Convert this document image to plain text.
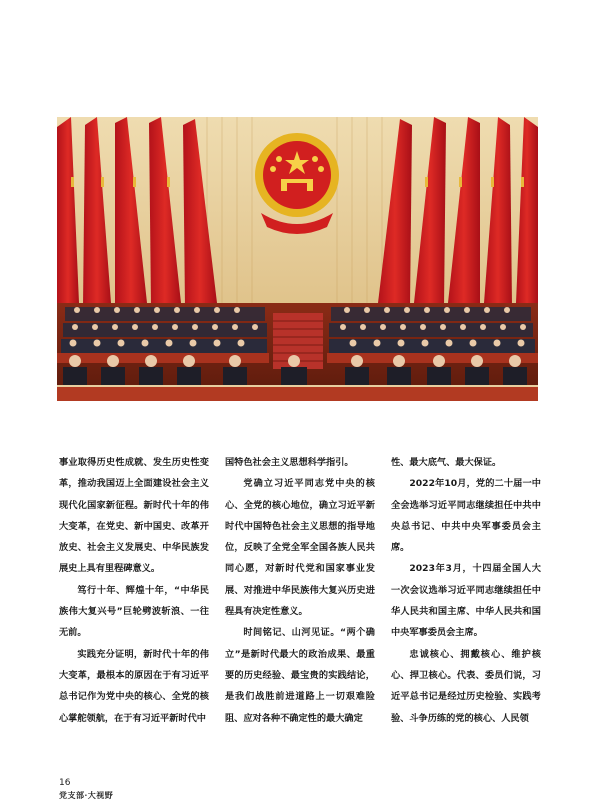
事业取得历史性成就、发生历史性变革，推动我国迈上全面建设社会主义现代化国家新征程。新时代十年的伟大变革，在党史、新中国史、改革开放史、社会主义发展史、中华民族发展史上具有里程碑意义。

笃行十年、辉煌十年，“中华民族伟大复兴号”巨轮劈波斩浪、一往无前。

实践充分证明，新时代十年的伟大变革，最根本的原因在于有习近平总书记作为党中央的核心、全党的核心掌舵领航，在于有习近平新时代中

国特色社会主义思想科学指引。

党确立习近平同志党中央的核心、全党的核心地位，确立习近平新时代中国特色社会主义思想的指导地位，反映了全党全军全国各族人民共同心愿，对新时代党和国家事业发展、对推进中华民族伟大复兴历史进程具有决定性意义。

时间铭记、山河见证。“两个确立”是新时代最大的政治成果、最重要的历史经验、最宝贵的实践结论，是我们战胜前进道路上一切艰难险阻、应对各种不确定性的最大确定

性、最大底气、最大保证。

2022年10月，党的二十届一中全会选举习近平同志继续担任中共中央总书记、中共中央军事委员会主席。

2023年3月，十四届全国人大一次会议选举习近平同志继续担任中华人民共和国主席、中华人民共和国中央军事委员会主席。

忠诚核心、拥戴核心、维护核心、捍卫核心。代表、委员们说，习近平总书记是经过历史检验、实践考验、斗争历练的党的核心、人民领

16
党支部·大视野
